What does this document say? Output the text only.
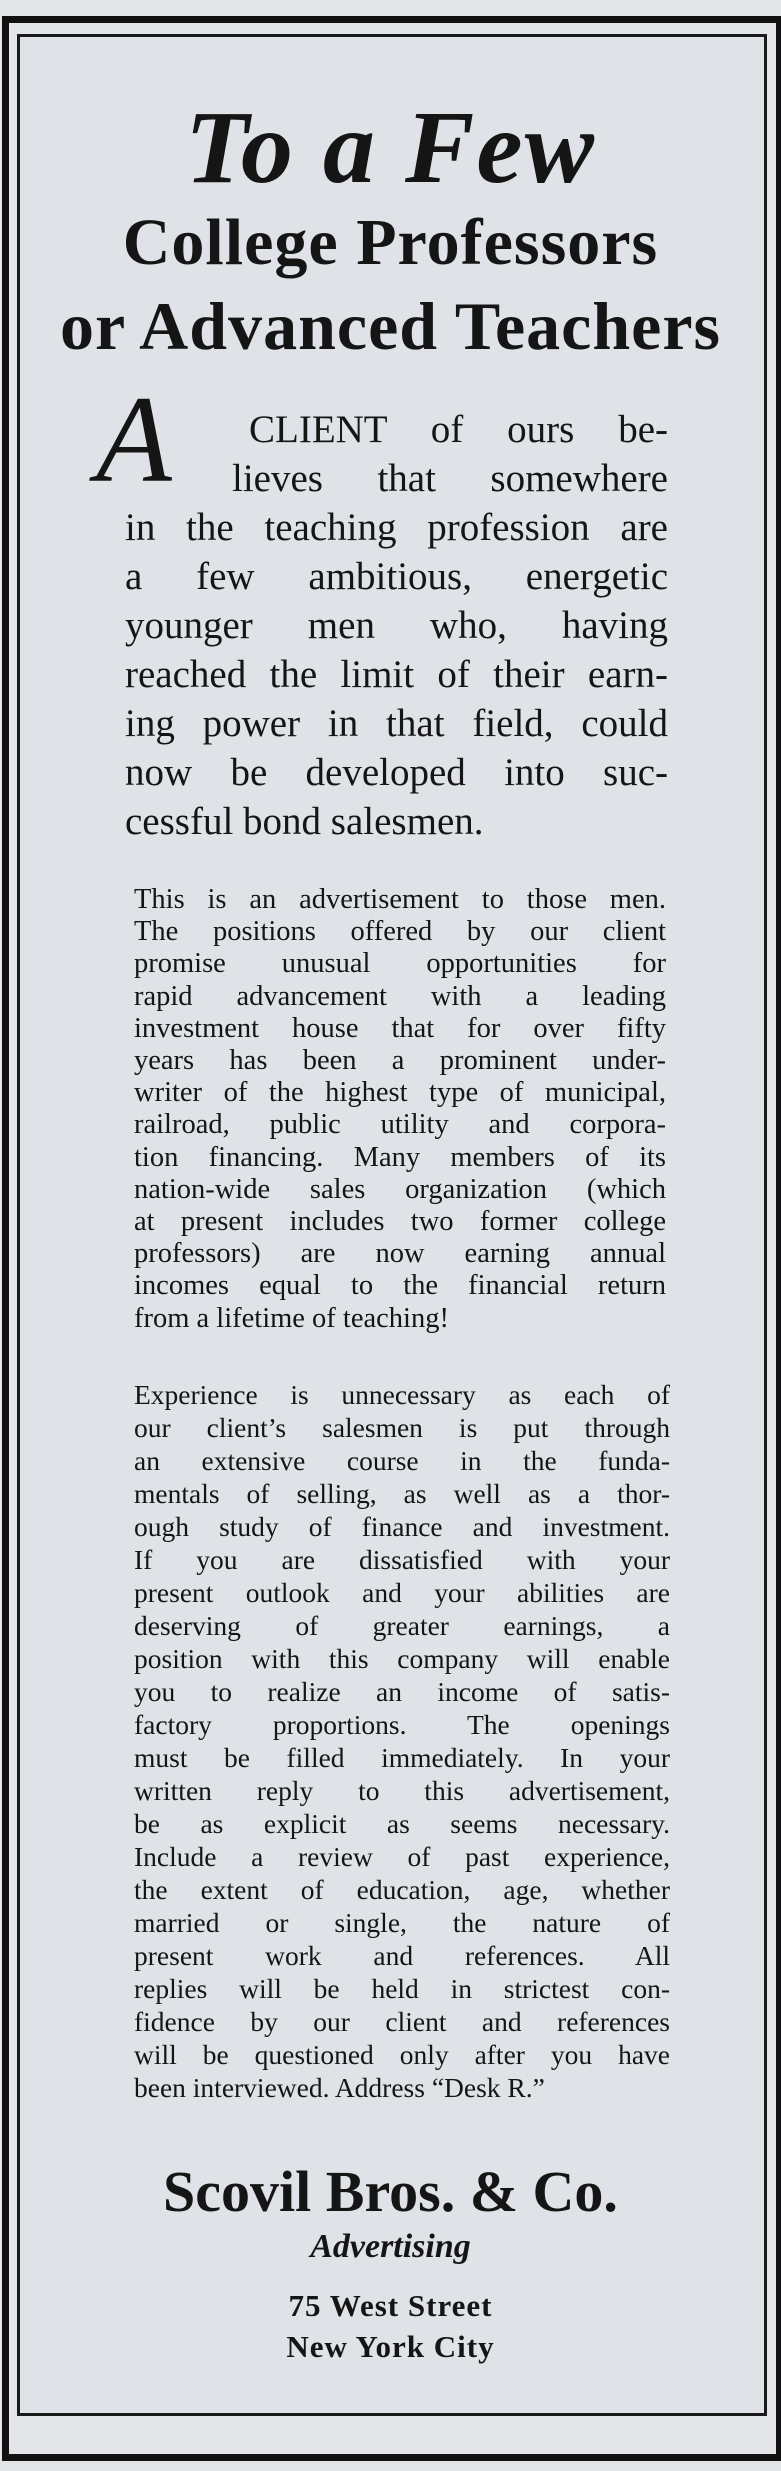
To a Few
College Professors
or Advanced Teachers
A CLIENT of ours be-
lieves that somewhere
in the teaching profession are
a few ambitious, energetic
younger men who, having
reached the limit of their earn-
ing power in that field, could
now be developed into suc-
cessful bond salesmen.
This is an advertisement to those men.
The positions offered by our client
promise unusual opportunities for
rapid advancement with a leading
investment house that for over fifty
years has been a prominent under-
writer of the highest type of municipal,
railroad, public utility and corpora-
tion financing. Many members of its
nation-wide sales organization (which
at present includes two former college
professors) are now earning annual
incomes equal to the financial return
from a lifetime of teaching!
Experience is unnecessary as each of
our client’s salesmen is put through
an extensive course in the funda-
mentals of selling, as well as a thor-
ough study of finance and investment.
If you are dissatisfied with your
present outlook and your abilities are
deserving of greater earnings, a
position with this company will enable
you to realize an income of satis-
factory proportions. The openings
must be filled immediately. In your
written reply to this advertisement,
be as explicit as seems necessary.
Include a review of past experience,
the extent of education, age, whether
married or single, the nature of
present work and references. All
replies will be held in strictest con-
fidence by our client and references
will be questioned only after you have
been interviewed. Address “Desk R.”
Scovil Bros. & Co.
Advertising
75 West Street
New York City
